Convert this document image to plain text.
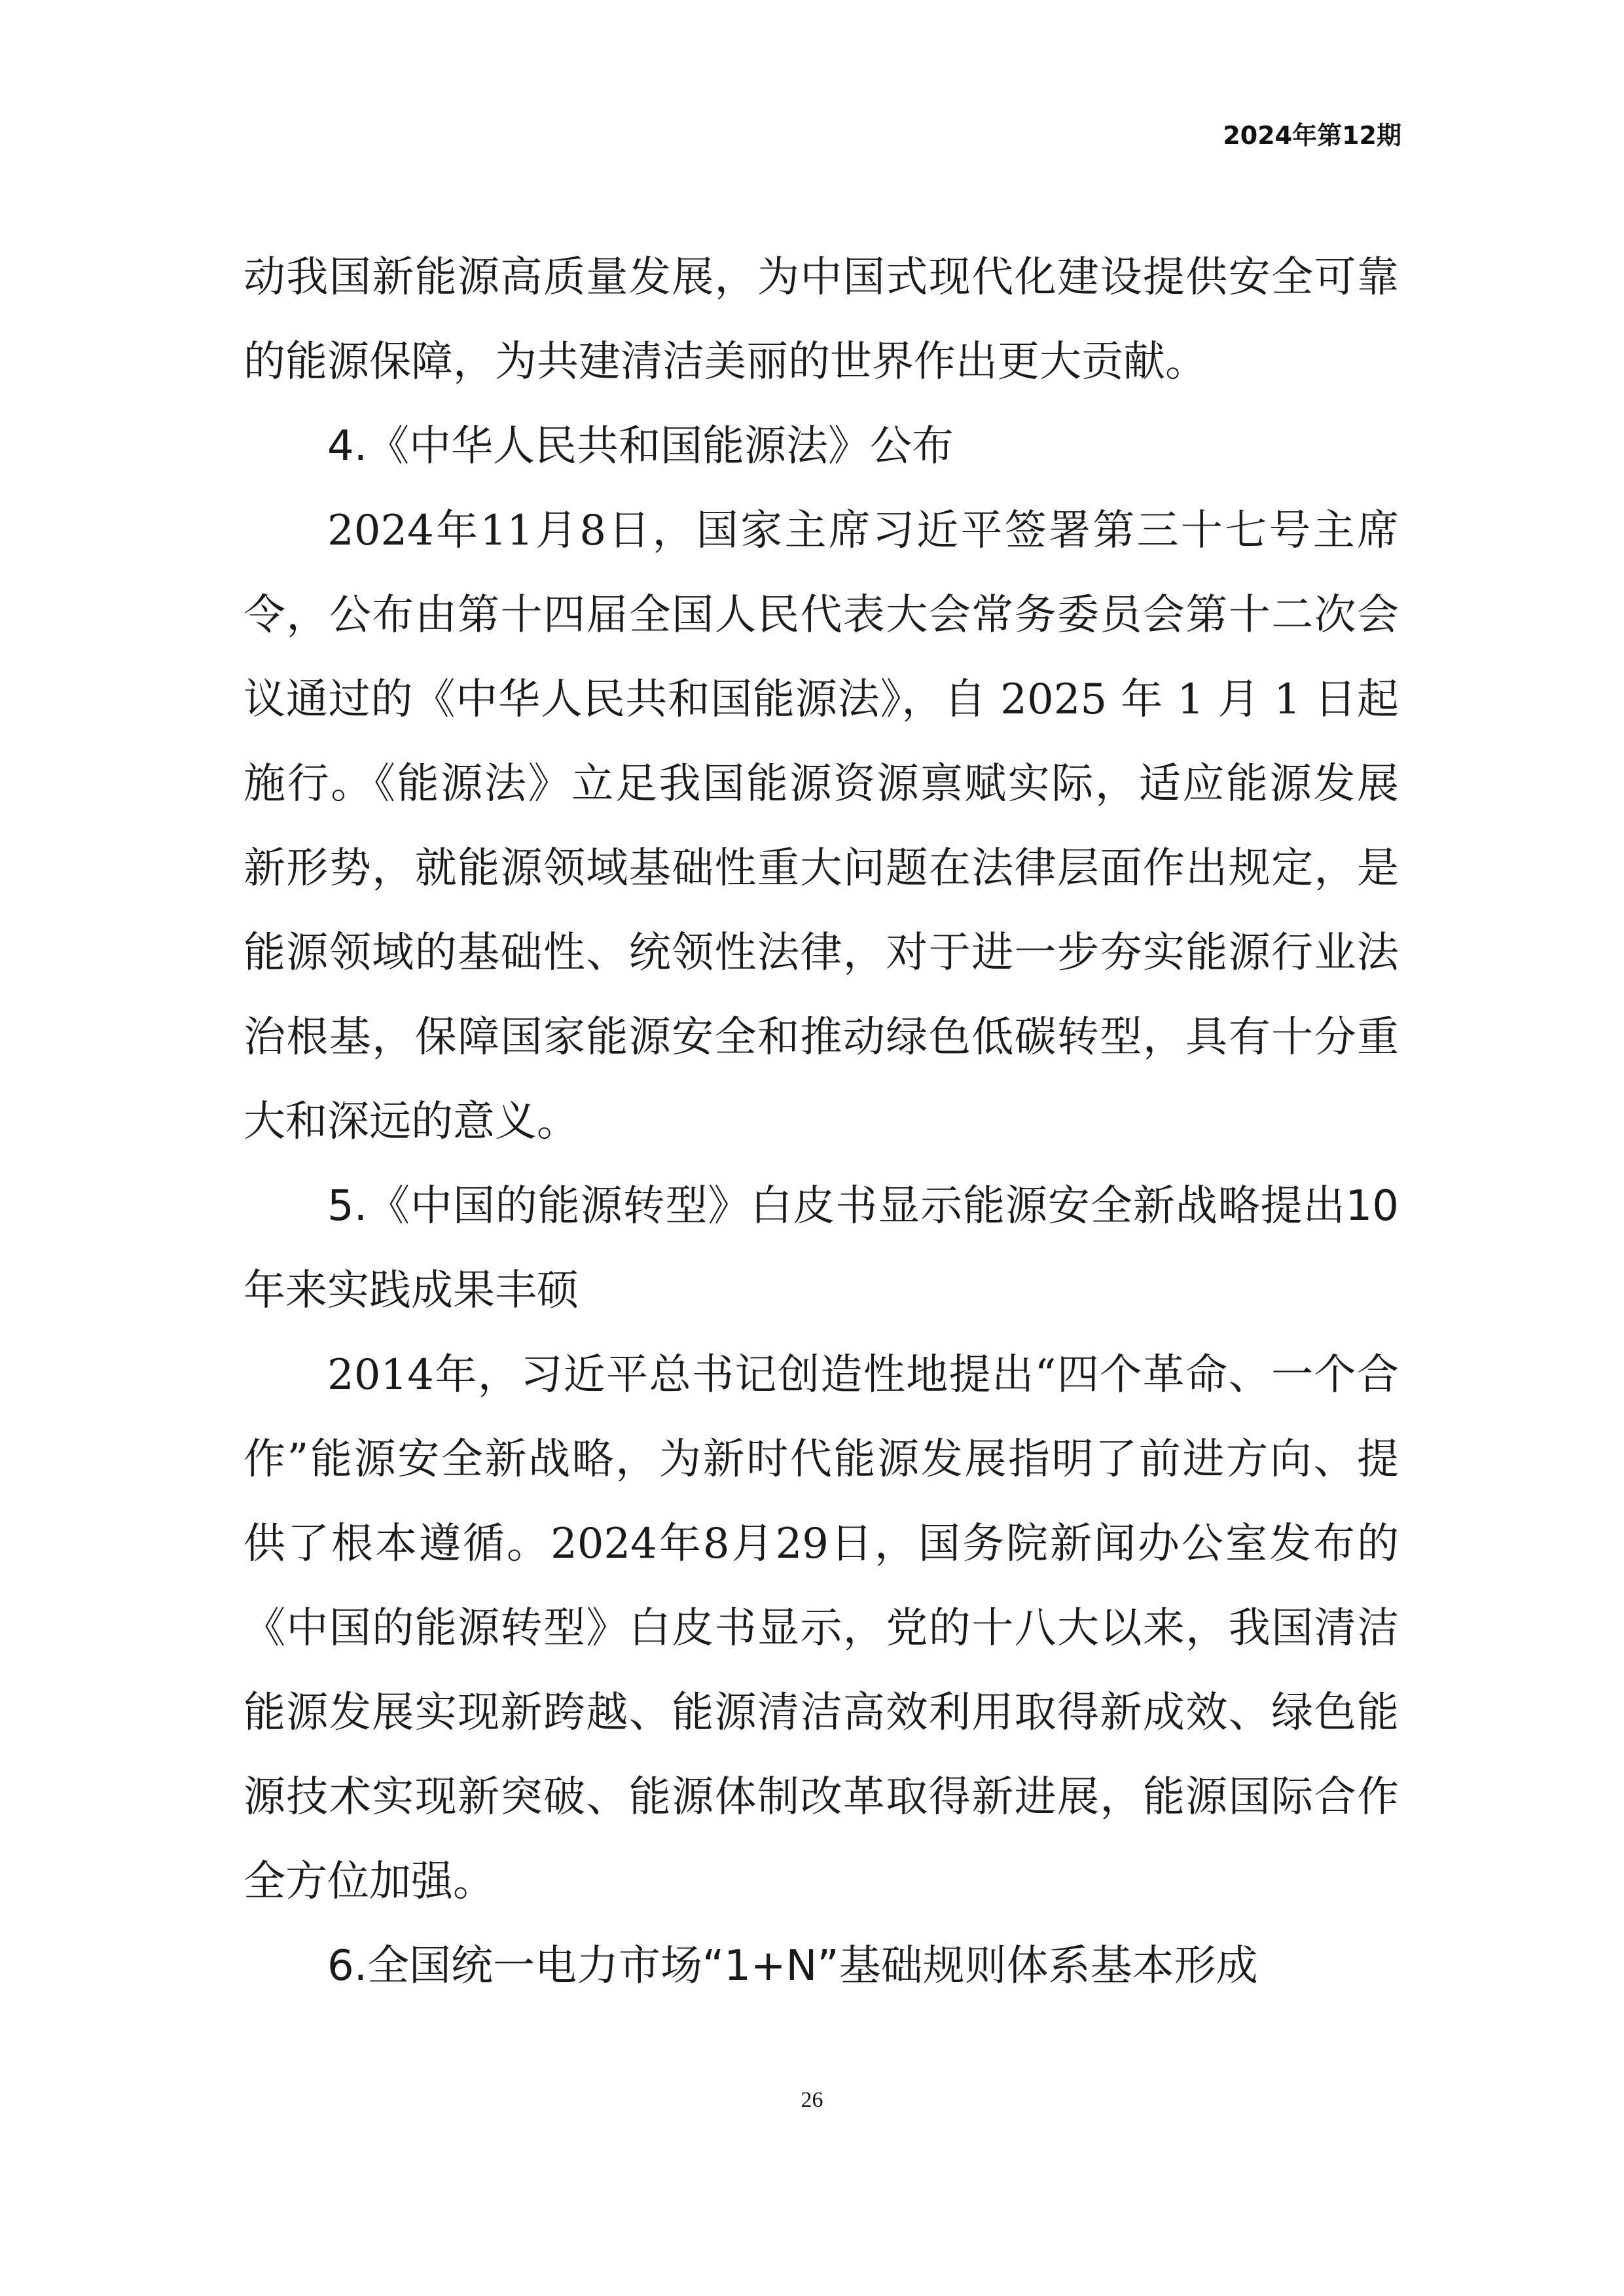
2024年第12期

动我国新能源高质量发展，为中国式现代化建设提供安全可靠

的能源保障，为共建清洁美丽的世界作出更大贡献。

4.《中华人民共和国能源法》公布

2024年11月8日，国家主席习近平签署第三十七号主席

令，公布由第十四届全国人民代表大会常务委员会第十二次会

议通过的《中华人民共和国能源法》，自 2025 年 1 月 1 日起

施行。《能源法》立足我国能源资源禀赋实际，适应能源发展

新形势，就能源领域基础性重大问题在法律层面作出规定，是

能源领域的基础性、统领性法律，对于进一步夯实能源行业法

治根基，保障国家能源安全和推动绿色低碳转型，具有十分重

大和深远的意义。

5.《中国的能源转型》白皮书显示能源安全新战略提出10

年来实践成果丰硕

2014年，习近平总书记创造性地提出“四个革命、一个合

作”能源安全新战略，为新时代能源发展指明了前进方向、提

供了根本遵循。2024年8月29日，国务院新闻办公室发布的

《中国的能源转型》白皮书显示，党的十八大以来，我国清洁

能源发展实现新跨越、能源清洁高效利用取得新成效、绿色能

源技术实现新突破、能源体制改革取得新进展，能源国际合作

全方位加强。

6.全国统一电力市场“1+N”基础规则体系基本形成

26
